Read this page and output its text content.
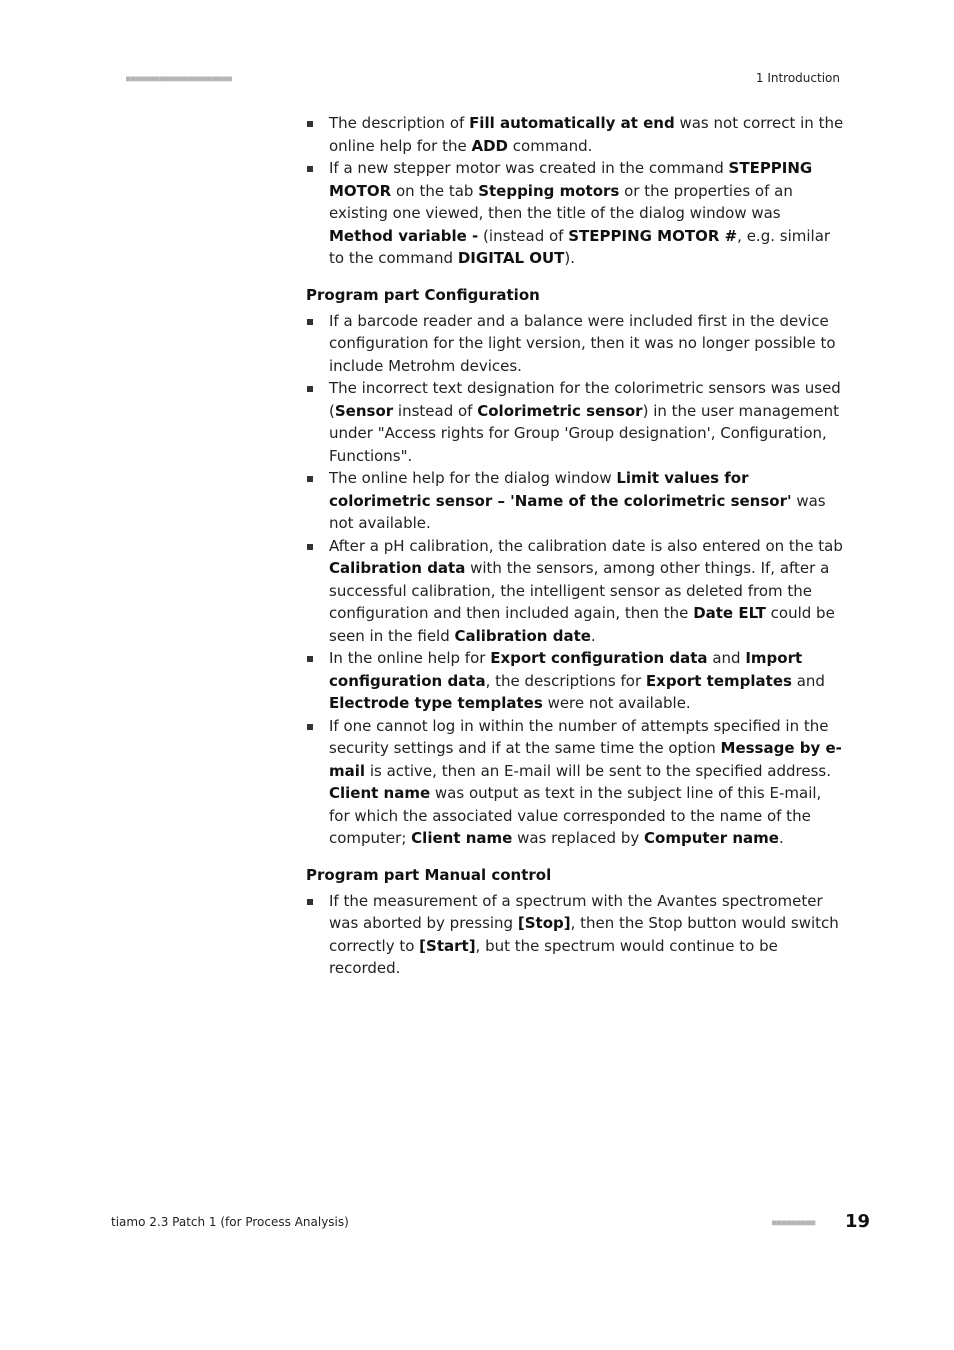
■■■■■■■■■■■■■■■■■■■■■■	1 Introduction
The description of Fill automatically at end was not correct in the online help for the ADD command.
If a new stepper motor was created in the command STEPPING MOTOR on the tab Stepping motors or the properties of an existing one viewed, then the title of the dialog window was Method variable - (instead of STEPPING MOTOR #, e.g. similar to the command DIGITAL OUT).
Program part Configuration
If a barcode reader and a balance were included first in the device configuration for the light version, then it was no longer possible to include Metrohm devices.
The incorrect text designation for the colorimetric sensors was used (Sensor instead of Colorimetric sensor) in the user management under "Access rights for Group 'Group designation', Configuration, Functions".
The online help for the dialog window Limit values for colorimetric sensor – 'Name of the colorimetric sensor' was not available.
After a pH calibration, the calibration date is also entered on the tab Calibration data with the sensors, among other things. If, after a successful calibration, the intelligent sensor as deleted from the configuration and then included again, then the Date ELT could be seen in the field Calibration date.
In the online help for Export configuration data and Import configuration data, the descriptions for Export templates and Electrode type templates were not available.
If one cannot log in within the number of attempts specified in the security settings and if at the same time the option Message by e-mail is active, then an E-mail will be sent to the specified address. Client name was output as text in the subject line of this E-mail, for which the associated value corresponded to the name of the computer; Client name was replaced by Computer name.
Program part Manual control
If the measurement of a spectrum with the Avantes spectrometer was aborted by pressing [Stop], then the Stop button would switch correctly to [Start], but the spectrum would continue to be recorded.
tiamo 2.3 Patch 1 (for Process Analysis)	■■■■■■■■■ 19
